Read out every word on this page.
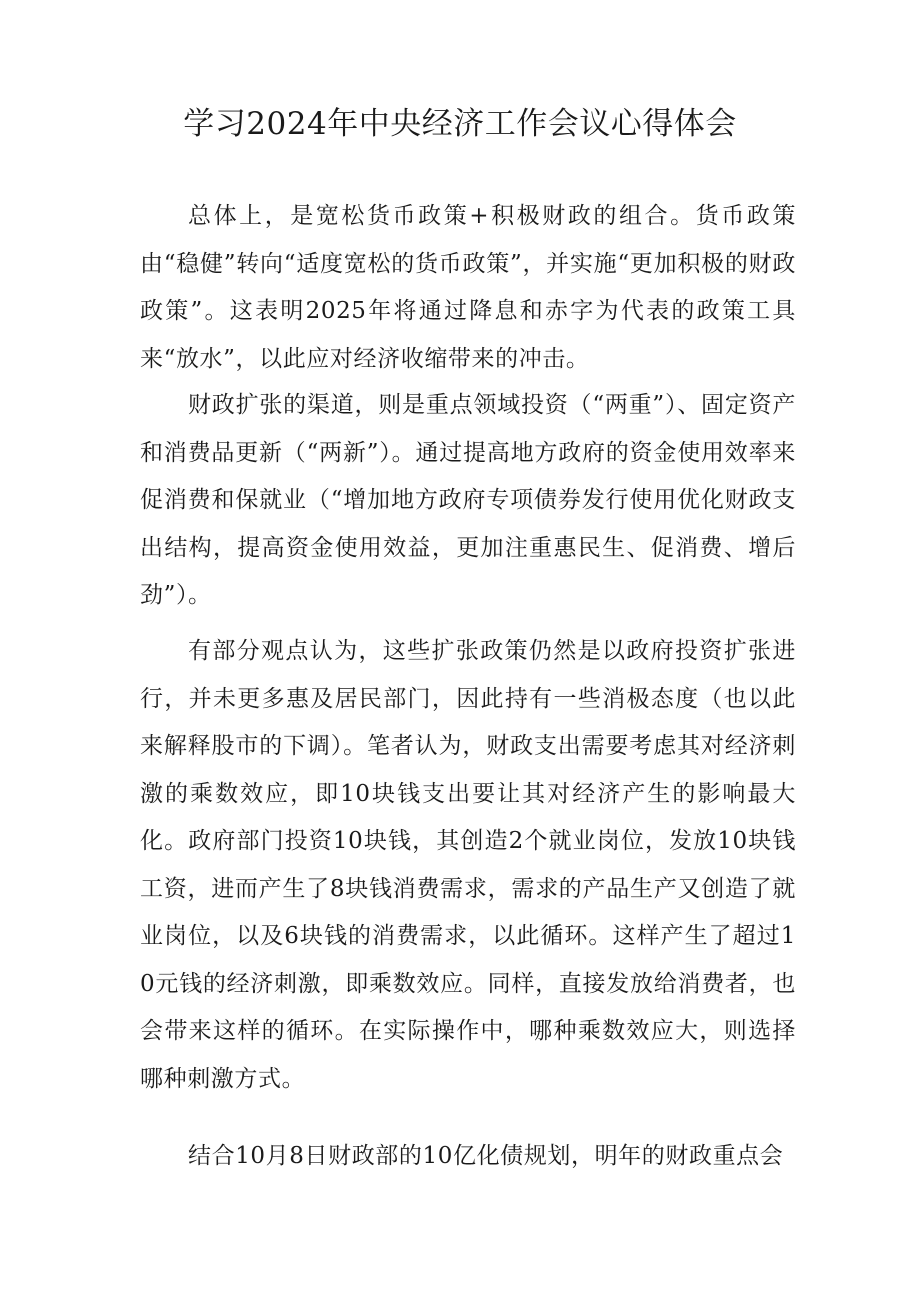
学习2024年中央经济工作会议心得体会

总体上，是宽松货币政策+积极财政的组合。货币政策由“稳健”转向“适度宽松的货币政策”，并实施“更加积极的财政政策”。这表明2025年将通过降息和赤字为代表的政策工具来“放水”，以此应对经济收缩带来的冲击。

财政扩张的渠道，则是重点领域投资（“两重”）、固定资产和消费品更新（“两新”）。通过提高地方政府的资金使用效率来促消费和保就业（“增加地方政府专项债券发行使用优化财政支出结构，提高资金使用效益，更加注重惠民生、促消费、增后劲”）。

有部分观点认为，这些扩张政策仍然是以政府投资扩张进行，并未更多惠及居民部门，因此持有一些消极态度（也以此来解释股市的下调）。笔者认为，财政支出需要考虑其对经济刺激的乘数效应，即10块钱支出要让其对经济产生的影响最大化。政府部门投资10块钱，其创造2个就业岗位，发放10块钱工资，进而产生了8块钱消费需求，需求的产品生产又创造了就业岗位，以及6块钱的消费需求，以此循环。这样产生了超过10元钱的经济刺激，即乘数效应。同样，直接发放给消费者，也会带来这样的循环。在实际操作中，哪种乘数效应大，则选择哪种刺激方式。

结合10月8日财政部的10亿化债规划，明年的财政重点会
